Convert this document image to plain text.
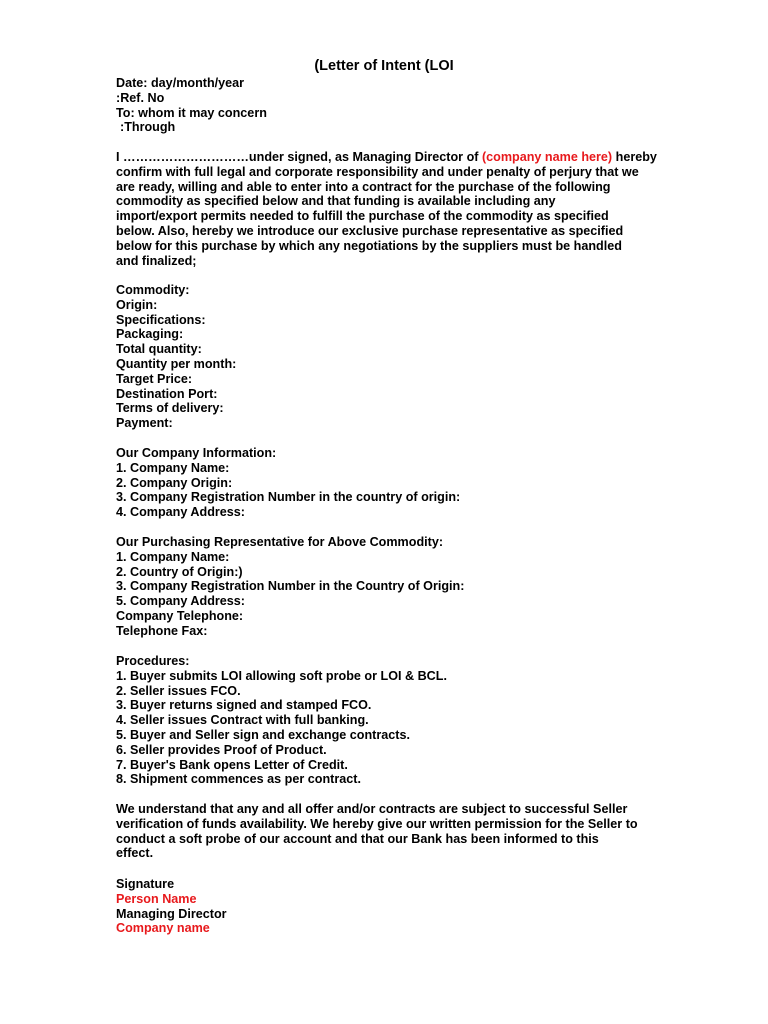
(Letter of Intent (LOI
Date: day/month/year
:Ref. No
To: whom it may concern
:Through
I …………………………under signed, as Managing Director of (company name here) hereby
confirm with full legal and corporate responsibility and under penalty of perjury that we
are ready, willing and able to enter into a contract for the purchase of the following
commodity as specified below and that funding is available including any
import/export permits needed to fulfill the purchase of the commodity as specified
below. Also, hereby we introduce our exclusive purchase representative as specified
below for this purchase by which any negotiations by the suppliers must be handled
and finalized;
Commodity:
Origin:
Specifications:
Packaging:
Total quantity:
Quantity per month:
Target Price:
Destination Port:
Terms of delivery:
Payment:
Our Company Information:
1. Company Name:
2. Company Origin:
3. Company Registration Number in the country of origin:
4. Company Address:
Our Purchasing Representative for Above Commodity:
1. Company Name:
2. Country of Origin:)
3. Company Registration Number in the Country of Origin:
5. Company Address:
Company Telephone:
Telephone Fax:
Procedures:
1. Buyer submits LOI allowing soft probe or LOI & BCL.
2. Seller issues FCO.
3. Buyer returns signed and stamped FCO.
4. Seller issues Contract with full banking.
5. Buyer and Seller sign and exchange contracts.
6. Seller provides Proof of Product.
7. Buyer's Bank opens Letter of Credit.
8. Shipment commences as per contract.
We understand that any and all offer and/or contracts are subject to successful Seller
verification of funds availability. We hereby give our written permission for the Seller to
conduct a soft probe of our account and that our Bank has been informed to this
effect.
Signature
Person Name
Managing Director
Company name
